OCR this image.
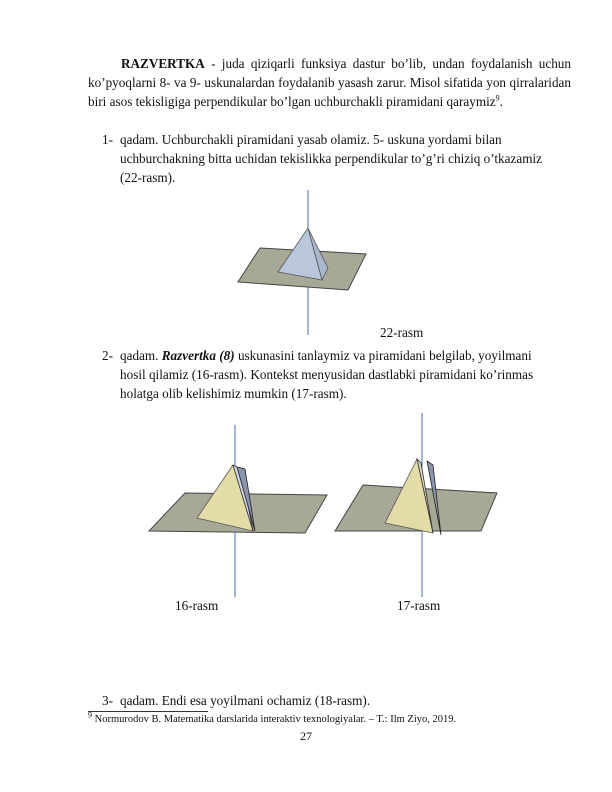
RAZVERTKA - juda qiziqarli funksiya dastur bo’lib, undan foydalanish uchun ko’pyoqlarni 8- va 9- uskunalardan foydalanib yasash zarur. Misol sifatida yon qirralaridan biri asos tekisligiga perpendikular bo’lgan uchburchakli piramidani qaraymiz$^9$.
1- qadam. Uchburchakli piramidani yasab olamiz. 5- uskuna yordami bilan
uchburchakning bitta uchidan tekislikka perpendikular to’g’ri chiziq o’tkazamiz
(22-rasm).
22-rasm
2- qadam. Razvertka (8) uskunasini tanlaymiz va piramidani belgilab, yoyilmani
hosil qilamiz (16-rasm). Kontekst menyusidan dastlabki piramidani ko’rinmas
holatga olib kelishimiz mumkin (17-rasm).
16-rasm	17-rasm
3- qadam. Endi esa yoyilmani ochamiz (18-rasm).
$^9$ Normurodov B. Matematika darslarida interaktiv texnologiyalar. – T.: Ilm Ziyo, 2019.
27
